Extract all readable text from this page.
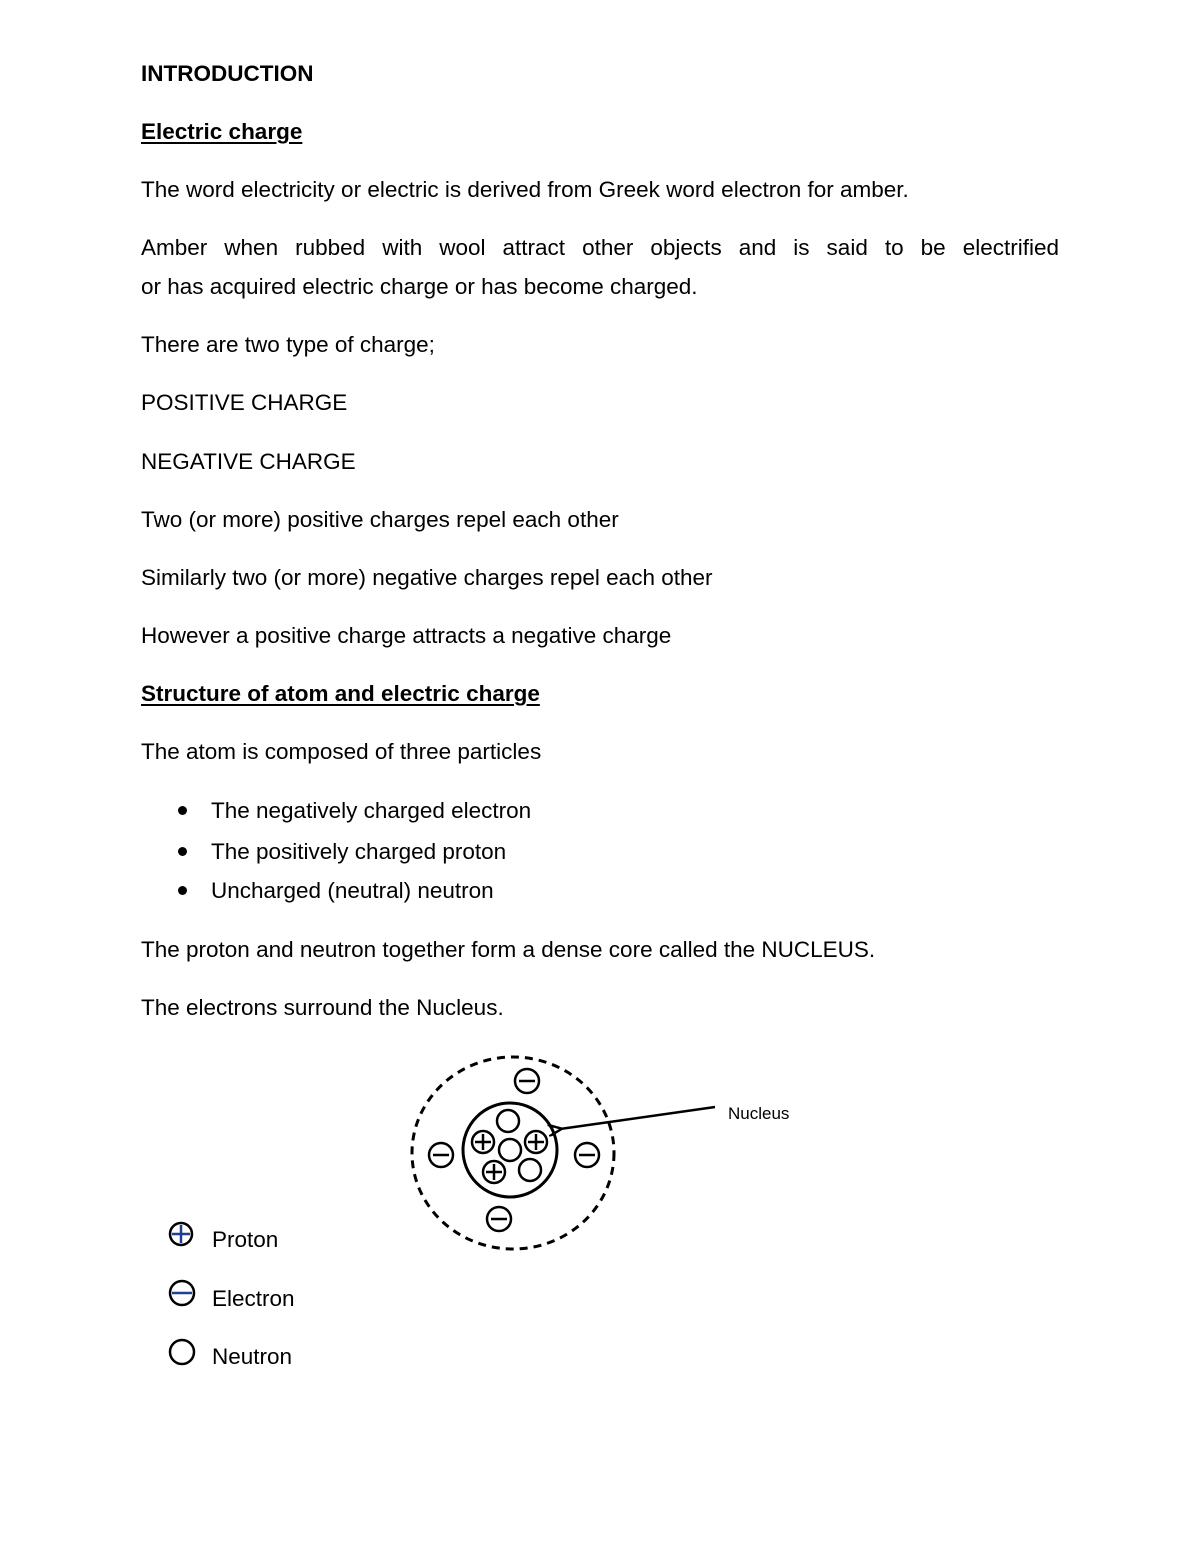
INTRODUCTION
Electric charge
The word electricity or electric is derived from Greek word electron for amber.
Amber when rubbed with wool attract other objects and is said to be electrified
or has acquired electric charge or has become charged.
There are two type of charge;
POSITIVE CHARGE
NEGATIVE CHARGE
Two (or more) positive charges repel each other
Similarly two (or more) negative charges repel each other
However a positive charge attracts a negative charge
Structure of atom and electric charge
The atom is composed of three particles
The negatively charged electron
The positively charged proton
Uncharged (neutral) neutron
The proton and neutron together form a dense core called the NUCLEUS.
The electrons surround the Nucleus.
Nucleus
Proton
Electron
Neutron
